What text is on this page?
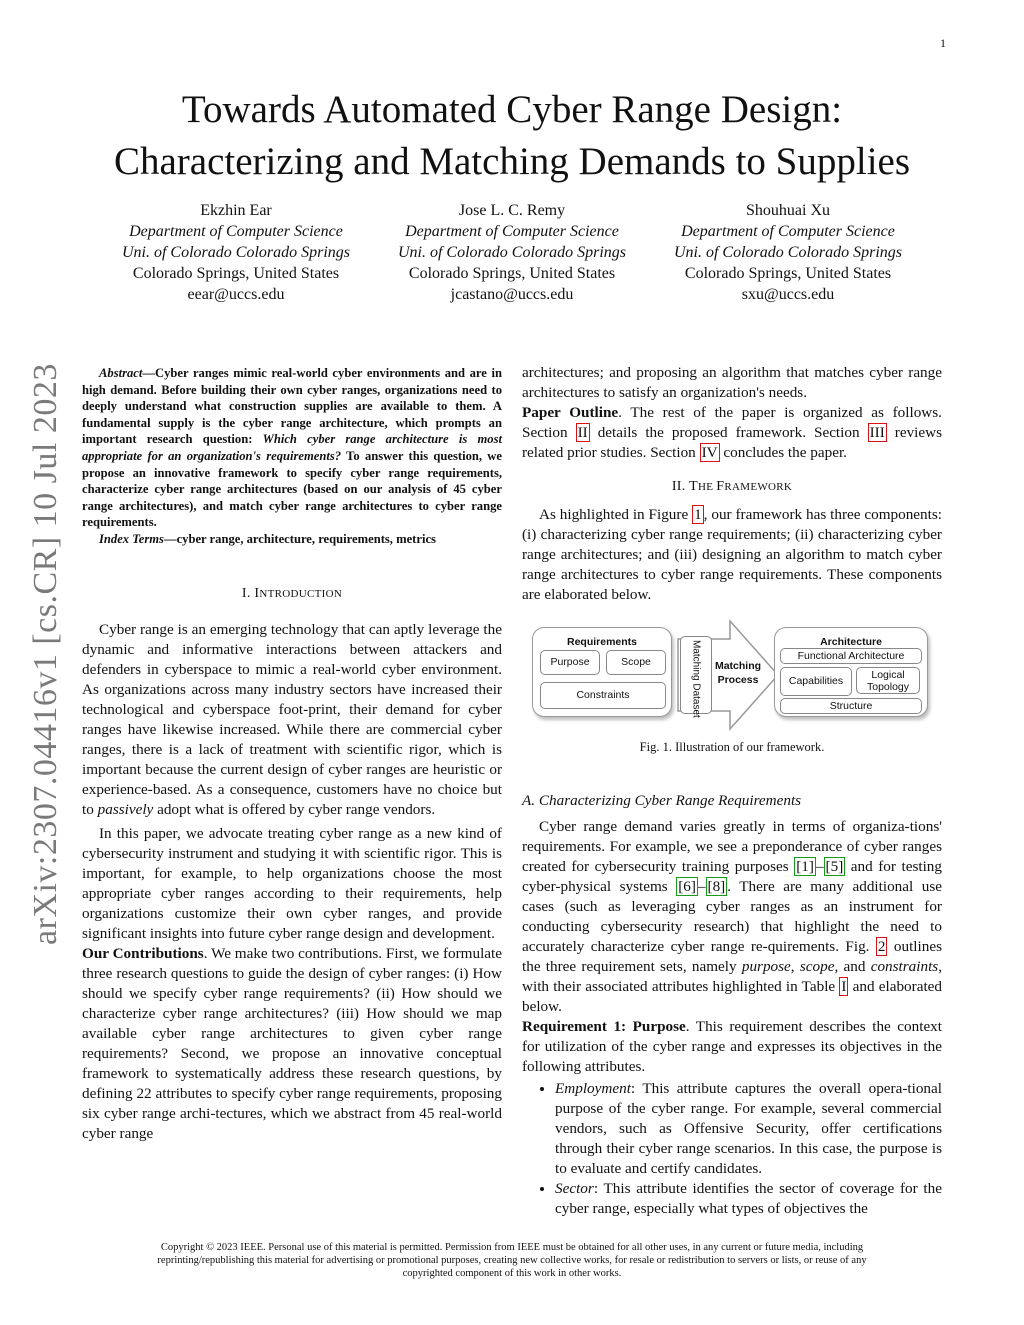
1
arXiv:2307.04416v1 [cs.CR] 10 Jul 2023
Towards Automated Cyber Range Design:
Characterizing and Matching Demands to Supplies
Ekzhin Ear
Department of Computer Science
Uni. of Colorado Colorado Springs
Colorado Springs, United States
eear@uccs.edu
Jose L. C. Remy
Department of Computer Science
Uni. of Colorado Colorado Springs
Colorado Springs, United States
jcastano@uccs.edu
Shouhuai Xu
Department of Computer Science
Uni. of Colorado Colorado Springs
Colorado Springs, United States
sxu@uccs.edu

Abstract—Cyber ranges mimic real-world cyber environments and are in high demand. Before building their own cyber ranges, organizations need to deeply understand what construction supplies are available to them. A fundamental supply is the cyber range architecture, which prompts an important research question: Which cyber range architecture is most appropriate for an organization's requirements? To answer this question, we propose an innovative framework to specify cyber range requirements, characterize cyber range architectures (based on our analysis of 45 cyber range architectures), and match cyber range architectures to cyber range requirements.

Index Terms—cyber range, architecture, requirements, metrics

I. INTRODUCTION

Cyber range is an emerging technology that can aptly leverage the dynamic and informative interactions between attackers and defenders in cyberspace to mimic a real-world cyber environment. As organizations across many industry sectors have increased their technological and cyberspace foot-print, their demand for cyber ranges have likewise increased. While there are commercial cyber ranges, there is a lack of treatment with scientific rigor, which is important because the current design of cyber ranges are heuristic or experience-based. As a consequence, customers have no choice but to passively adopt what is offered by cyber range vendors.

In this paper, we advocate treating cyber range as a new kind of cybersecurity instrument and studying it with scientific rigor. This is important, for example, to help organizations choose the most appropriate cyber ranges according to their requirements, help organizations customize their own cyber ranges, and provide significant insights into future cyber range design and development.

Our Contributions. We make two contributions. First, we formulate three research questions to guide the design of cyber ranges: (i) How should we specify cyber range requirements? (ii) How should we characterize cyber range architectures? (iii) How should we map available cyber range architectures to given cyber range requirements? Second, we propose an innovative conceptual framework to systematically address these research questions, by defining 22 attributes to specify cyber range requirements, proposing six cyber range archi-tectures, which we abstract from 45 real-world cyber range

architectures; and proposing an algorithm that matches cyber range architectures to satisfy an organization's needs.

Paper Outline. The rest of the paper is organized as follows. Section II details the proposed framework. Section III reviews related prior studies. Section IV concludes the paper.

II. THE FRAMEWORK

As highlighted in Figure 1 , our framework has three components: (i) characterizing cyber range requirements; (ii) characterizing cyber range architectures; and (iii) designing an algorithm to match cyber range architectures to cyber range requirements. These components are elaborated below.

Requirements
Purpose	Scope
Constraints	Matching Dataset	Matching
Process
Architecture
Functional Architecture
Capabilities	Logical
Topology
Structure
Fig. 1. Illustration of our framework.
A. Characterizing Cyber Range Requirements

Cyber range demand varies greatly in terms of organiza-tions' requirements. For example, we see a preponderance of cyber ranges created for cybersecurity training purposes [1] – [5] and for testing cyber-physical systems [6] – [8] . There are many additional use cases (such as leveraging cyber ranges as an instrument for conducting cybersecurity research) that highlight the need to accurately characterize cyber range re-quirements. Fig. 2 outlines the three requirement sets, namely purpose, scope, and constraints, with their associated attributes highlighted in Table I and elaborated below.

Requirement 1: Purpose. This requirement describes the context for utilization of the cyber range and expresses its objectives in the following attributes.

• Employment: This attribute captures the overall opera-tional purpose of the cyber range. For example, several commercial vendors, such as Offensive Security, offer certifications through their cyber range scenarios. In this case, the purpose is to evaluate and certify candidates.
• Sector: This attribute identifies the sector of coverage for the cyber range, especially what types of objectives the
Copyright © 2023 IEEE. Personal use of this material is permitted. Permission from IEEE must be obtained for all other uses, in any current or future media, including
reprinting/republishing this material for advertising or promotional purposes, creating new collective works, for resale or redistribution to servers or lists, or reuse of any
copyrighted component of this work in other works.
